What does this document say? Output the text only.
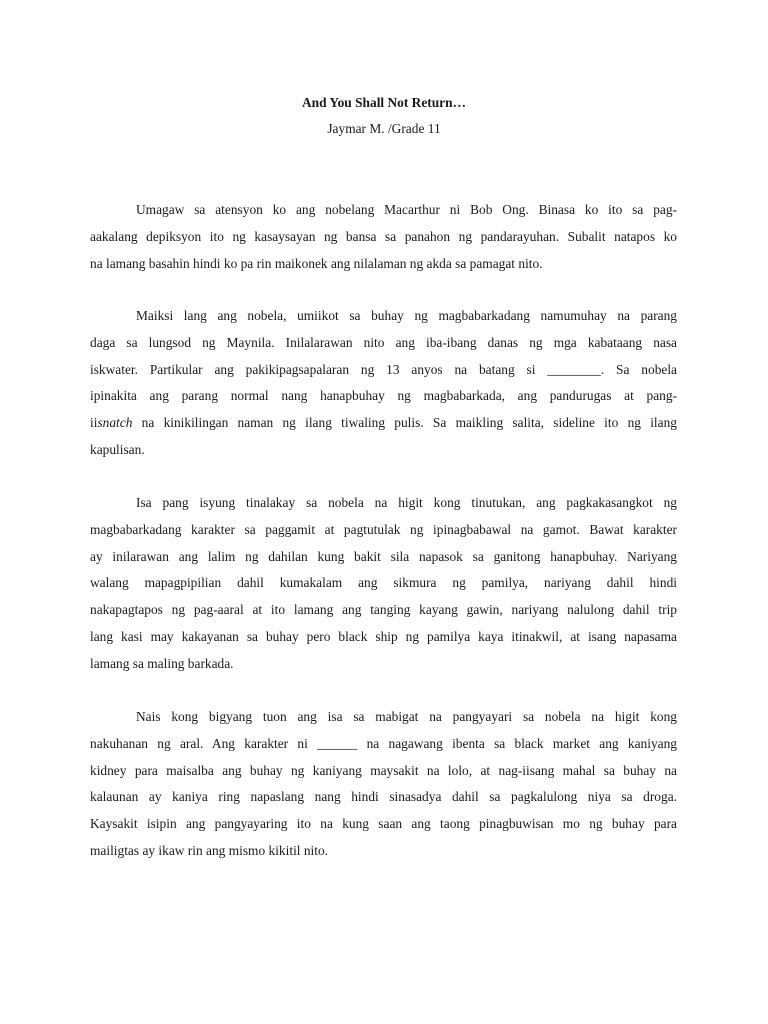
And You Shall Not Return…
Jaymar M. /Grade 11
Umagaw sa atensyon ko ang nobelang Macarthur ni Bob Ong. Binasa ko ito sa pag-
aakalang depiksyon ito ng kasaysayan ng bansa sa panahon ng pandarayuhan. Subalit natapos ko
na lamang basahin hindi ko pa rin maikonek ang nilalaman ng akda sa pamagat nito.
Maiksi lang ang nobela, umiikot sa buhay ng magbabarkadang namumuhay na parang
daga sa lungsod ng Maynila. Inilalarawan nito ang iba-ibang danas ng mga kabataang nasa
iskwater. Partikular ang pakikipagsapalaran ng 13 anyos na batang si ________. Sa nobela
ipinakita ang parang normal nang hanapbuhay ng magbabarkada, ang pandurugas at pang-
iisnatch na kinikilingan naman ng ilang tiwaling pulis. Sa maikling salita, sideline ito ng ilang
kapulisan.
Isa pang isyung tinalakay sa nobela na higit kong tinutukan, ang pagkakasangkot ng
magbabarkadang karakter sa paggamit at pagtutulak ng ipinagbabawal na gamot. Bawat karakter
ay inilarawan ang lalim ng dahilan kung bakit sila napasok sa ganitong hanapbuhay. Nariyang
walang mapagpipilian dahil kumakalam ang sikmura ng pamilya, nariyang dahil hindi
nakapagtapos ng pag-aaral at ito lamang ang tanging kayang gawin, nariyang nalulong dahil trip
lang kasi may kakayanan sa buhay pero black ship ng pamilya kaya itinakwil, at isang napasama
lamang sa maling barkada.
Nais kong bigyang tuon ang isa sa mabigat na pangyayari sa nobela na higit kong
nakuhanan ng aral. Ang karakter ni ______ na nagawang ibenta sa black market ang kaniyang
kidney para maisalba ang buhay ng kaniyang maysakit na lolo, at nag-iisang mahal sa buhay na
kalaunan ay kaniya ring napaslang nang hindi sinasadya dahil sa pagkalulong niya sa droga.
Kaysakit isipin ang pangyayaring ito na kung saan ang taong pinagbuwisan mo ng buhay para
mailigtas ay ikaw rin ang mismo kikitil nito.
